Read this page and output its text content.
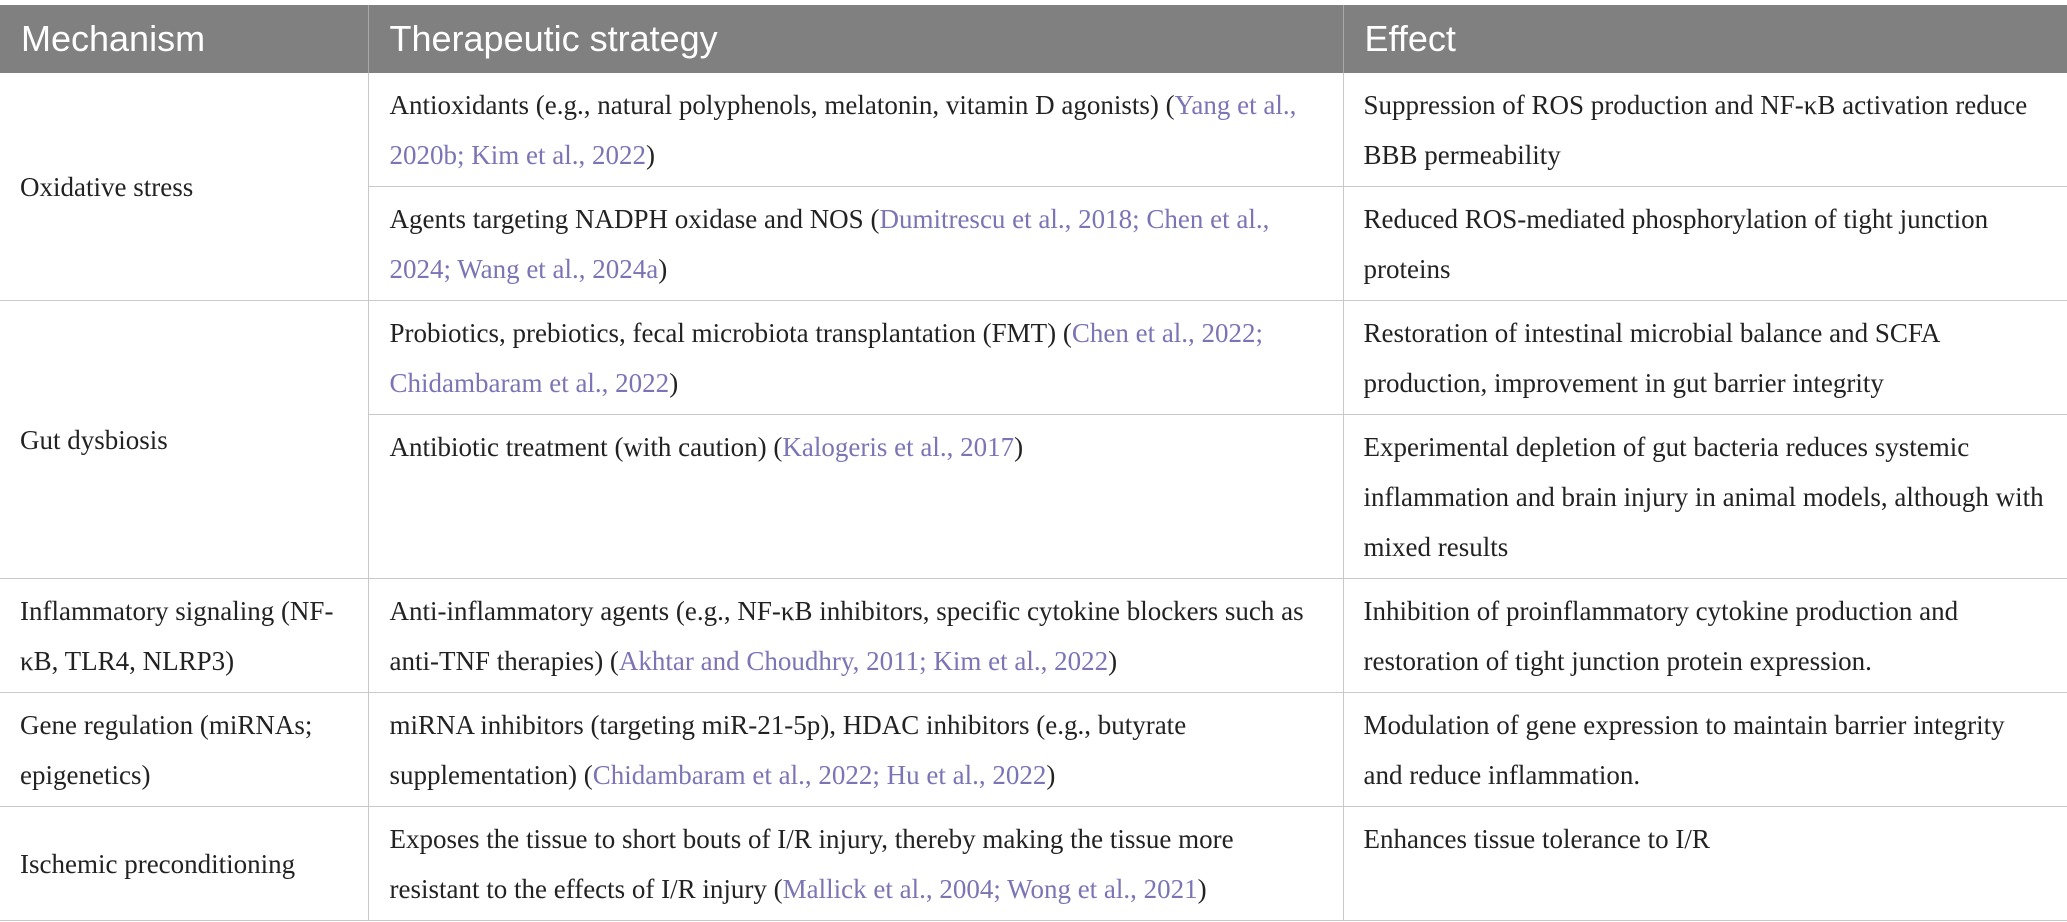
Mechanism	Therapeutic strategy	Effect
Oxidative stress	Antioxidants (e.g., natural polyphenols, melatonin, vitamin D agonists) (Yang et al., 2020b; Kim et al., 2022)	Suppression of ROS production and NF-κB activation reduce BBB permeability
	Agents targeting NADPH oxidase and NOS (Dumitrescu et al., 2018; Chen et al., 2024; Wang et al., 2024a)	Reduced ROS-mediated phosphorylation of tight junction proteins
Gut dysbiosis	Probiotics, prebiotics, fecal microbiota transplantation (FMT) (Chen et al., 2022; Chidambaram et al., 2022)	Restoration of intestinal microbial balance and SCFA production, improvement in gut barrier integrity
	Antibiotic treatment (with caution) (Kalogeris et al., 2017)	Experimental depletion of gut bacteria reduces systemic inflammation and brain injury in animal models, although with mixed results
Inflammatory signaling (NF-κB, TLR4, NLRP3)	Anti-inflammatory agents (e.g., NF-κB inhibitors, specific cytokine blockers such as anti-TNF therapies) (Akhtar and Choudhry, 2011; Kim et al., 2022)	Inhibition of proinflammatory cytokine production and restoration of tight junction protein expression.
Gene regulation (miRNAs; epigenetics)	miRNA inhibitors (targeting miR-21-5p), HDAC inhibitors (e.g., butyrate supplementation) (Chidambaram et al., 2022; Hu et al., 2022)	Modulation of gene expression to maintain barrier integrity and reduce inflammation.
Ischemic preconditioning	Exposes the tissue to short bouts of I/R injury, thereby making the tissue more resistant to the effects of I/R injury (Mallick et al., 2004; Wong et al., 2021)	Enhances tissue tolerance to I/R
